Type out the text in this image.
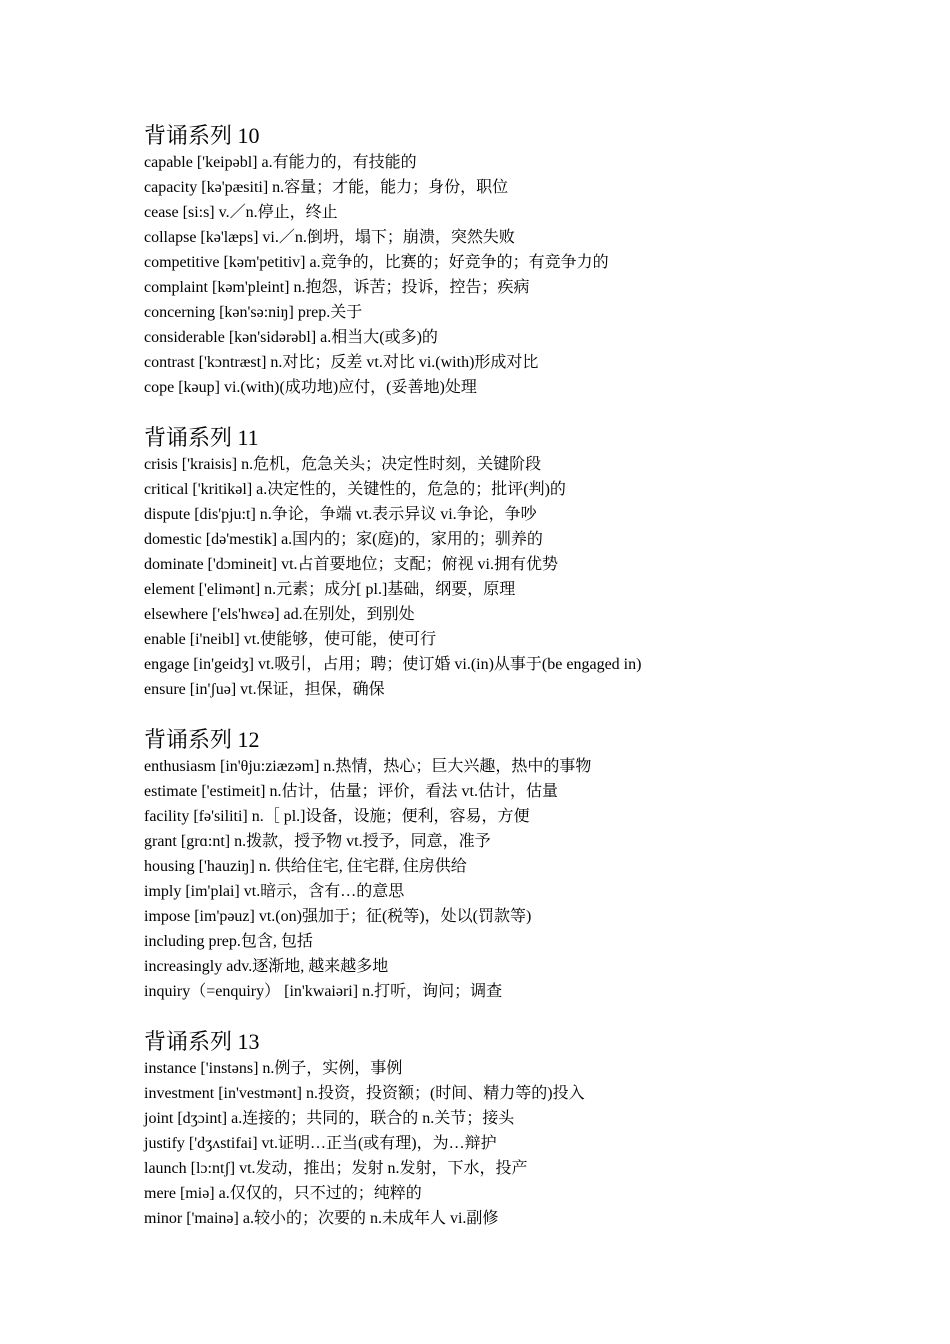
背诵系列 10

capable ['keipəbl] a.有能力的，有技能的

capacity [kə'pæsiti] n.容量；才能，能力；身份，职位

cease [si:s] v.／n.停止，终止

collapse [kə'læps] vi.／n.倒坍，塌下；崩溃，突然失败

competitive [kəm'petitiv] a.竞争的，比赛的；好竞争的；有竞争力的

complaint [kəm'pleint] n.抱怨，诉苦；投诉，控告；疾病

concerning [kən'sə:niŋ] prep.关于

considerable [kən'sidərəbl] a.相当大(或多)的

contrast ['kɔntræst] n.对比；反差 vt.对比 vi.(with)形成对比

cope [kəup] vi.(with)(成功地)应付，(妥善地)处理

背诵系列 11

crisis ['kraisis] n.危机，危急关头；决定性时刻，关键阶段

critical ['kritikəl] a.决定性的，关键性的，危急的；批评(判)的

dispute [dis'pju:t] n.争论，争端 vt.表示异议 vi.争论，争吵

domestic [də'mestik] a.国内的；家(庭)的，家用的；驯养的

dominate ['dɔmineit] vt.占首要地位；支配；俯视 vi.拥有优势

element ['elimənt] n.元素；成分[ pl.]基础，纲要，原理

elsewhere ['els'hwɛə] ad.在别处，到别处

enable [i'neibl] vt.使能够，使可能，使可行

engage [in'geidʒ] vt.吸引，占用；聘；使订婚 vi.(in)从事于(be engaged in)

ensure [in'ʃuə] vt.保证，担保，确保

背诵系列 12

enthusiasm [in'θju:ziæzəm] n.热情，热心；巨大兴趣，热中的事物

estimate ['estimeit] n.估计，估量；评价，看法 vt.估计，估量

facility [fə'siliti] n.［ pl.]设备，设施；便利，容易，方便

grant [grɑ:nt] n.拨款，授予物 vt.授予，同意，准予

housing ['hauziŋ] n. 供给住宅, 住宅群, 住房供给

imply [im'plai] vt.暗示，含有…的意思

impose [im'pəuz] vt.(on)强加于；征(税等)，处以(罚款等)

including prep.包含, 包括

increasingly adv.逐渐地, 越来越多地

inquiry（=enquiry） [in'kwaiəri] n.打听，询问；调查

背诵系列 13

instance ['instəns] n.例子，实例，事例

investment [in'vestmənt] n.投资，投资额；(时间、精力等的)投入

joint [dʒɔint] a.连接的；共同的，联合的 n.关节；接头

justify ['dʒʌstifai] vt.证明…正当(或有理)，为…辩护

launch [lɔ:ntʃ] vt.发动，推出；发射 n.发射，下水，投产

mere [miə] a.仅仅的，只不过的；纯粹的

minor ['mainə] a.较小的；次要的 n.未成年人 vi.副修
